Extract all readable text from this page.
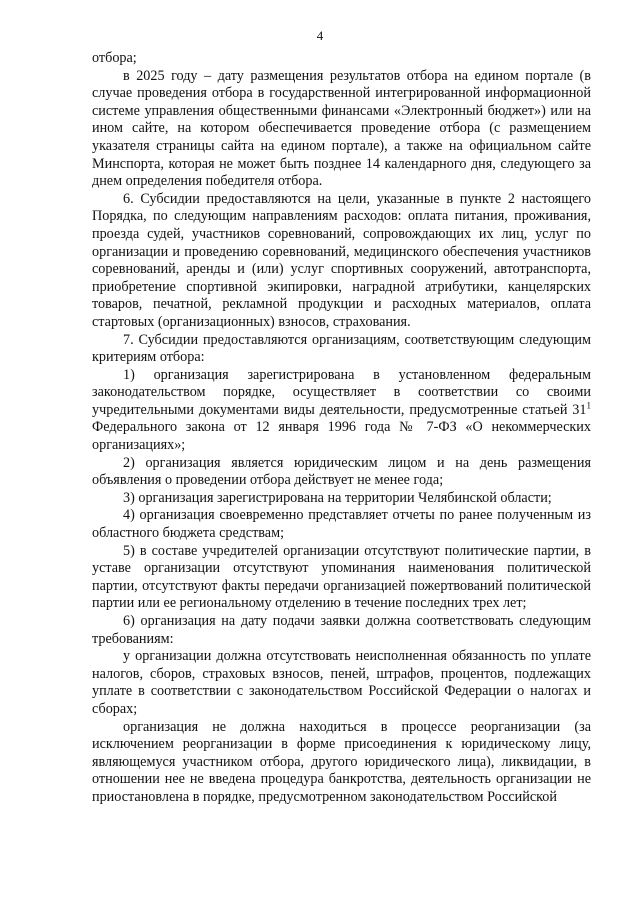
4

отбора;

в 2025 году – дату размещения результатов отбора на едином портале (в случае проведения отбора в государственной интегрированной информационной системе управления общественными финансами «Электронный бюджет») или на ином сайте, на котором обеспечивается проведение отбора (с размещением указателя страницы сайта на едином портале), а также на официальном сайте Минспорта, которая не может быть позднее 14 календарного дня, следующего за днем определения победителя отбора.

6. Субсидии предоставляются на цели, указанные в пункте 2 настоящего Порядка, по следующим направлениям расходов: оплата питания, проживания, проезда судей, участников соревнований, сопровождающих их лиц, услуг по организации и проведению соревнований, медицинского обеспечения участников соревнований, аренды и (или) услуг спортивных сооружений, автотранспорта, приобретение спортивной экипировки, наградной атрибутики, канцелярских товаров, печатной, рекламной продукции и расходных материалов, оплата стартовых (организационных) взносов, страхования.

7. Субсидии предоставляются организациям, соответствующим следующим критериям отбора:

1) организация зарегистрирована в установленном федеральным законодательством порядке, осуществляет в соответствии со своими учредительными документами виды деятельности, предусмотренные статьей $31^1$ Федерального закона от 12 января 1996 года № 7-ФЗ «О некоммерческих организациях»;

2) организация является юридическим лицом и на день размещения объявления о проведении отбора действует не менее года;

3) организация зарегистрирована на территории Челябинской области;

4) организация своевременно представляет отчеты по ранее полученным из областного бюджета средствам;

5) в составе учредителей организации отсутствуют политические партии, в уставе организации отсутствуют упоминания наименования политической партии, отсутствуют факты передачи организацией пожертвований политической партии или ее региональному отделению в течение последних трех лет;

6) организация на дату подачи заявки должна соответствовать следующим требованиям:

у организации должна отсутствовать неисполненная обязанность по уплате налогов, сборов, страховых взносов, пеней, штрафов, процентов, подлежащих уплате в соответствии с законодательством Российской Федерации о налогах и сборах;

организация не должна находиться в процессе реорганизации (за исключением реорганизации в форме присоединения к юридическому лицу, являющемуся участником отбора, другого юридического лица), ликвидации, в отношении нее не введена процедура банкротства, деятельность организации не приостановлена в порядке, предусмотренном законодательством Российской
